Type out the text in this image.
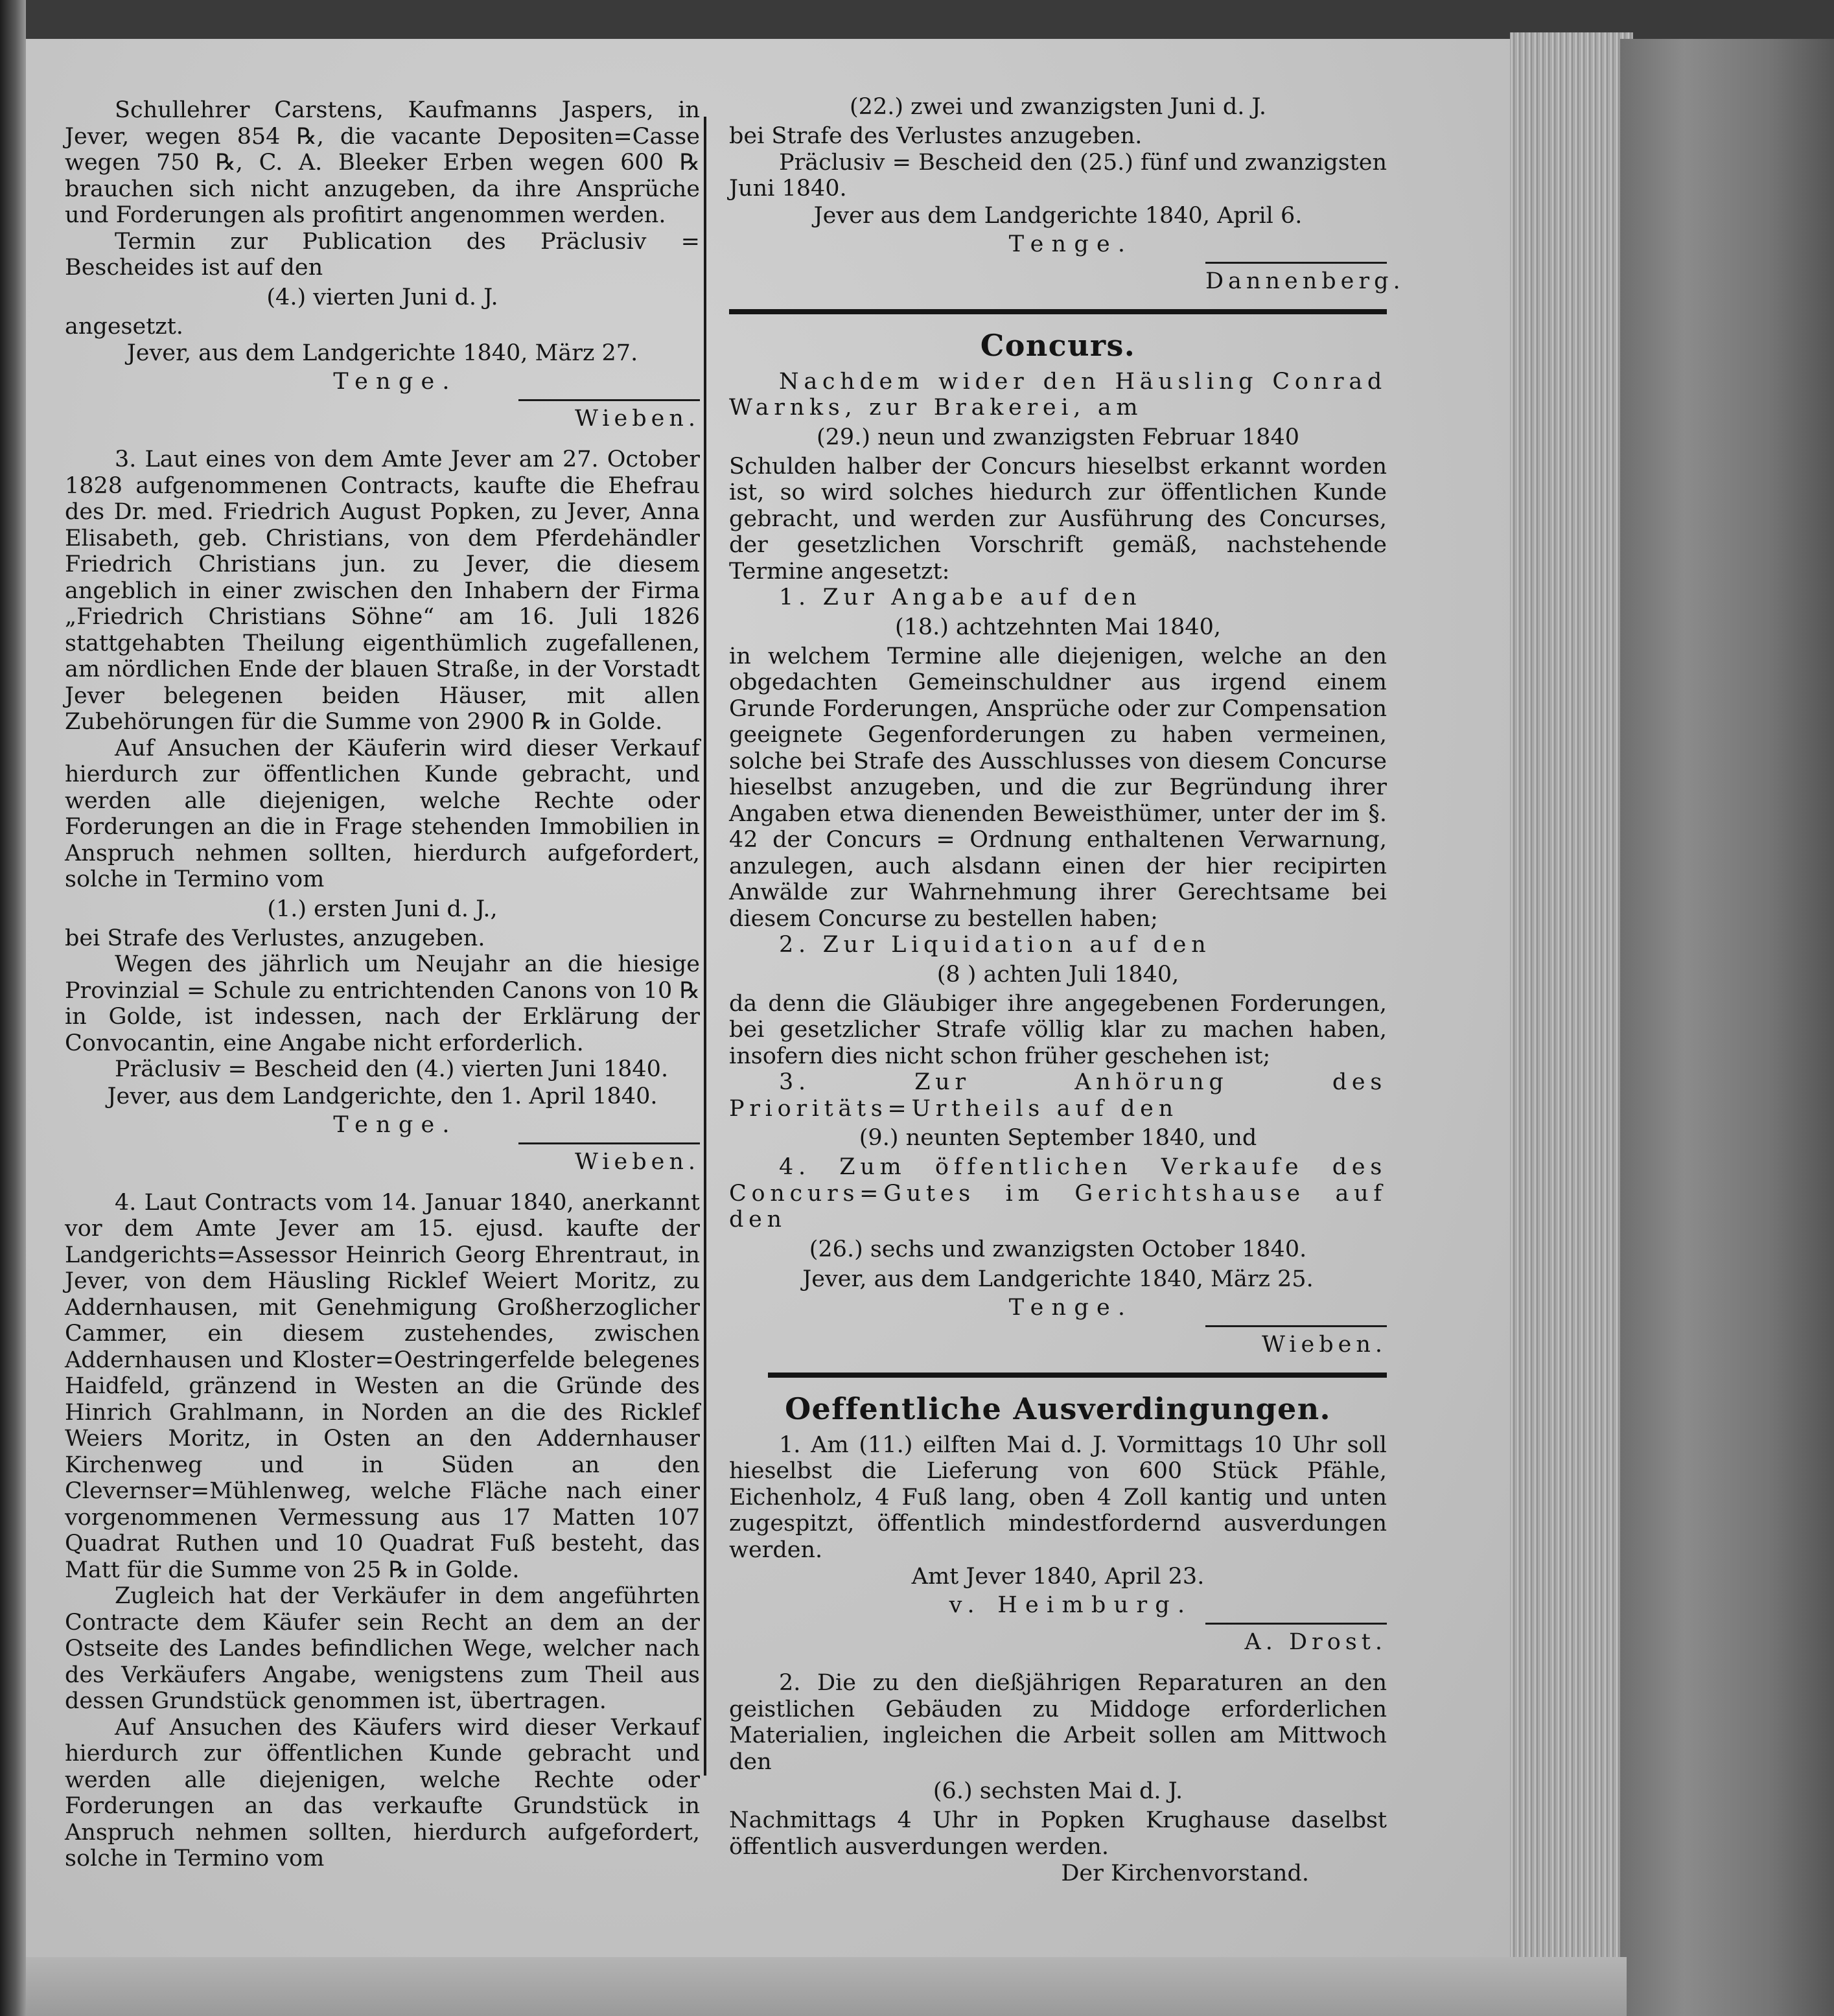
Schullehrer Carstens, Kaufmanns Jaspers, in Jever, wegen 854 ℞, die vacante Depositen=Casse wegen 750 ℞, C. A. Bleeker Erben wegen 600 ℞ brauchen sich nicht anzugeben, da ihre Ansprüche und Forderungen als profitirt angenommen werden.

Termin zur Publication des Präclusiv = Bescheides ist auf den

(4.) vierten Juni d. J.

angesetzt.

Jever, aus dem Landgerichte 1840, März 27.
Tenge.
Wieben.

3. Laut eines von dem Amte Jever am 27. October 1828 aufgenommenen Contracts, kaufte die Ehefrau des Dr. med. Friedrich August Popken, zu Jever, Anna Elisabeth, geb. Christians, von dem Pferdehändler Friedrich Christians jun. zu Jever, die diesem angeblich in einer zwischen den Inhabern der Firma „Friedrich Christians Söhne“ am 16. Juli 1826 stattgehabten Theilung eigenthümlich zugefallenen, am nördlichen Ende der blauen Straße, in der Vorstadt Jever belegenen beiden Häuser, mit allen Zubehörungen für die Summe von 2900 ℞ in Golde.

Auf Ansuchen der Käuferin wird dieser Verkauf hierdurch zur öffentlichen Kunde gebracht, und werden alle diejenigen, welche Rechte oder Forderungen an die in Frage stehenden Immobilien in Anspruch nehmen sollten, hierdurch aufgefordert, solche in Termino vom

(1.) ersten Juni d. J.,

bei Strafe des Verlustes, anzugeben.

Wegen des jährlich um Neujahr an die hiesige Provinzial = Schule zu entrichtenden Canons von 10 ℞ in Golde, ist indessen, nach der Erklärung der Convocantin, eine Angabe nicht erforderlich.

Präclusiv = Bescheid den (4.) vierten Juni 1840.

Jever, aus dem Landgerichte, den 1. April 1840.
Tenge.
Wieben.

4. Laut Contracts vom 14. Januar 1840, anerkannt vor dem Amte Jever am 15. ejusd. kaufte der Landgerichts=Assessor Heinrich Georg Ehrentraut, in Jever, von dem Häusling Ricklef Weiert Moritz, zu Addernhausen, mit Genehmigung Großherzoglicher Cammer, ein diesem zustehendes, zwischen Addernhausen und Kloster=Oestringerfelde belegenes Haidfeld, gränzend in Westen an die Gründe des Hinrich Grahlmann, in Norden an die des Ricklef Weiers Moritz, in Osten an den Addernhauser Kirchenweg und in Süden an den Clevernser=Mühlenweg, welche Fläche nach einer vorgenommenen Vermessung aus 17 Matten 107 Quadrat Ruthen und 10 Quadrat Fuß besteht, das Matt für die Summe von 25 ℞ in Golde.

Zugleich hat der Verkäufer in dem angeführten Contracte dem Käufer sein Recht an dem an der Ostseite des Landes befindlichen Wege, welcher nach des Verkäufers Angabe, wenigstens zum Theil aus dessen Grundstück genommen ist, übertragen.

Auf Ansuchen des Käufers wird dieser Verkauf hierdurch zur öffentlichen Kunde gebracht und werden alle diejenigen, welche Rechte oder Forderungen an das verkaufte Grundstück in Anspruch nehmen sollten, hierdurch aufgefordert, solche in Termino vom

(22.) zwei und zwanzigsten Juni d. J.

bei Strafe des Verlustes anzugeben.

Präclusiv = Bescheid den (25.) fünf und zwanzigsten Juni 1840.

Jever aus dem Landgerichte 1840, April 6.
Tenge.
Dannenberg.
Concurs.

Nachdem wider den Häusling Conrad Warnks, zur Brakerei, am

(29.) neun und zwanzigsten Februar 1840

Schulden halber der Concurs hieselbst erkannt worden ist, so wird solches hiedurch zur öffentlichen Kunde gebracht, und werden zur Ausführung des Concurses, der gesetzlichen Vorschrift gemäß, nachstehende Termine angesetzt:

1. Zur Angabe auf den

(18.) achtzehnten Mai 1840,

in welchem Termine alle diejenigen, welche an den obgedachten Gemeinschuldner aus irgend einem Grunde Forderungen, Ansprüche oder zur Compensation geeignete Gegenforderungen zu haben vermeinen, solche bei Strafe des Ausschlusses von diesem Concurse hieselbst anzugeben, und die zur Begründung ihrer Angaben etwa dienenden Beweisthümer, unter der im §. 42 der Concurs = Ordnung enthaltenen Verwarnung, anzulegen, auch alsdann einen der hier recipirten Anwälde zur Wahrnehmung ihrer Gerechtsame bei diesem Concurse zu bestellen haben;

2. Zur Liquidation auf den

(8 ) achten Juli 1840,

da denn die Gläubiger ihre angegebenen Forderungen, bei gesetzlicher Strafe völlig klar zu machen haben, insofern dies nicht schon früher geschehen ist;

3. Zur Anhörung des Prioritäts=Urtheils auf den

(9.) neunten September 1840, und

4. Zum öffentlichen Verkaufe des Concurs=Gutes im Gerichtshause auf den

(26.) sechs und zwanzigsten October 1840.
Jever, aus dem Landgerichte 1840, März 25.
Tenge.
Wieben.
Oeffentliche Ausverdingungen.

1. Am (11.) eilften Mai d. J. Vormittags 10 Uhr soll hieselbst die Lieferung von 600 Stück Pfähle, Eichenholz, 4 Fuß lang, oben 4 Zoll kantig und unten zugespitzt, öffentlich mindestfordernd ausverdungen werden.

Amt Jever 1840, April 23.
v. Heimburg.
A. Drost.

2. Die zu den dießjährigen Reparaturen an den geistlichen Gebäuden zu Middoge erforderlichen Materialien, ingleichen die Arbeit sollen am Mittwoch den

(6.) sechsten Mai d. J.

Nachmittags 4 Uhr in Popken Krughause daselbst öffentlich ausverdungen werden.

Der Kirchenvorstand.
